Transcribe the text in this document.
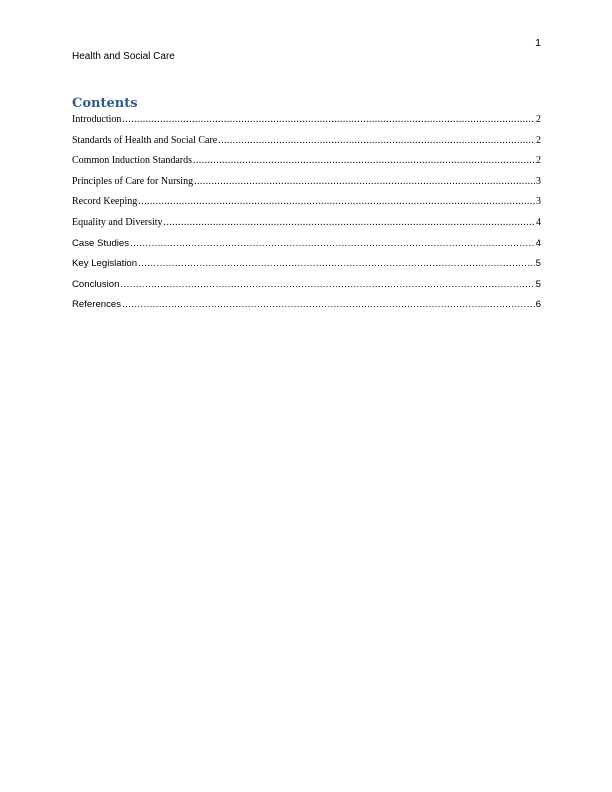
1
Health and Social Care
Contents
Introduction .....	2
Standards of Health and Social Care .....	2
Common Induction Standards .....	2
Principles of Care for Nursing .....	3
Record Keeping .....	3
Equality and Diversity .....	4
Case Studies .....	4
Key Legislation .....	5
Conclusion .....	5
References .....	6
